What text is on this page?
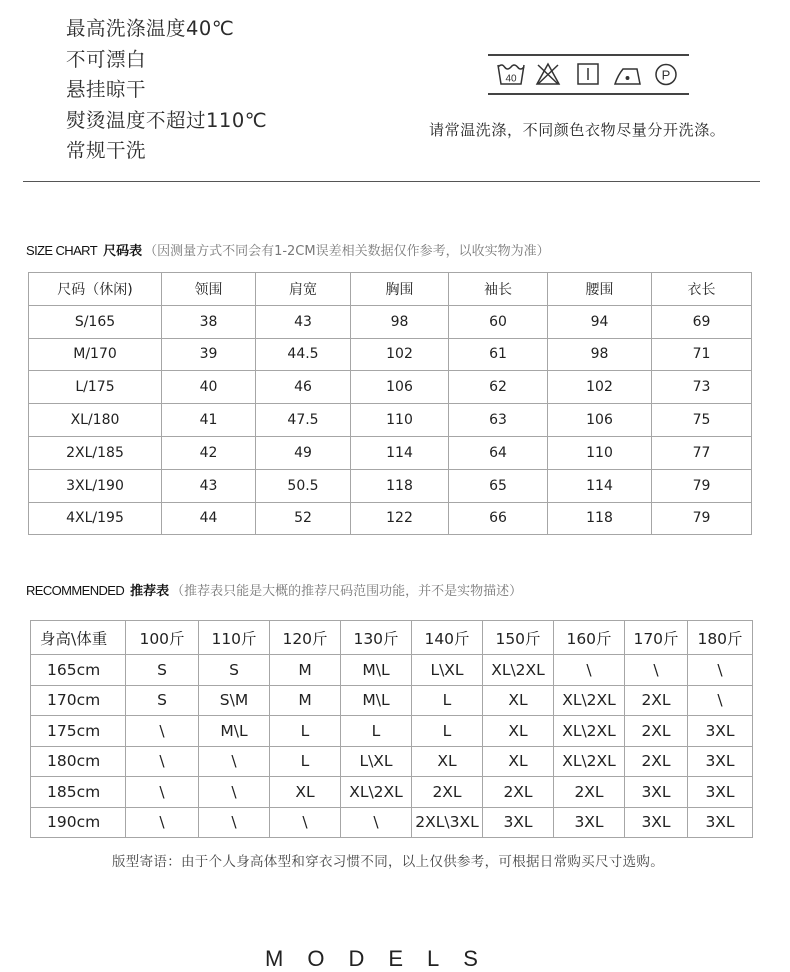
最高洗涤温度40℃
不可漂白
悬挂晾干
熨烫温度不超过110℃
常规干洗
40	P
请常温洗涤，不同颜色衣物尽量分开洗涤。
SIZE CHART 尺码表 （因测量方式不同会有1-2CM误差相关数据仅作参考，以收实物为准）
尺码（休闲)	领围	肩宽	胸围	袖长	腰围	衣长
S/165	38	43	98	60	94	69
M/170	39	44.5	102	61	98	71
L/175	40	46	106	62	102	73
XL/180	41	47.5	110	63	106	75
2XL/185	42	49	114	64	110	77
3XL/190	43	50.5	118	65	114	79
4XL/195	44	52	122	66	118	79
RECOMMENDED 推荐表 （推荐表只能是大概的推荐尺码范围功能，并不是实物描述）
身高\体重	100斤	110斤	120斤	130斤	140斤	150斤	160斤	170斤	180斤
165cm	S	S	M	M\L	L\XL	XL\2XL	\	\	\
170cm	S	S\M	M	M\L	L	XL	XL\2XL	2XL	\
175cm	\	M\L	L	L	L	XL	XL\2XL	2XL	3XL
180cm	\	\	L	L\XL	XL	XL	XL\2XL	2XL	3XL
185cm	\	\	XL	XL\2XL	2XL	2XL	2XL	3XL	3XL
190cm	\	\	\	\	2XL\3XL	3XL	3XL	3XL	3XL
版型寄语：由于个人身高体型和穿衣习惯不同，以上仅供参考，可根据日常购买尺寸选购。
MODELS
